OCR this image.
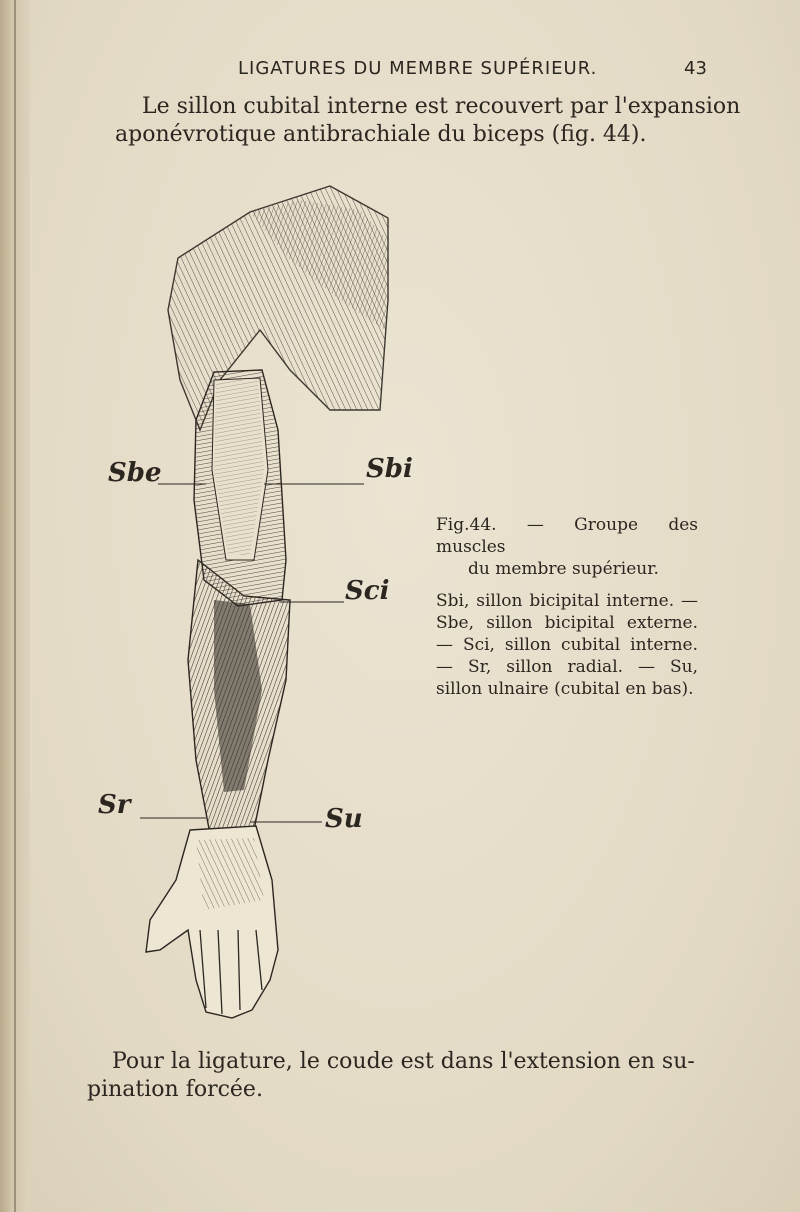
LIGATURES DU MEMBRE SUPÉRIEUR.	43
Le sillon cubital interne est recouvert par l'expansion
aponévrotique antibrachiale du biceps (fig. 44).
Sbe	Sbi
Sci
Sr	Su
Fig.44. — Groupe des muscles
du membre supérieur.
Sbi, sillon bicipital interne. — Sbe, sillon bicipital externe. — Sci, sillon cubital interne. — Sr, sillon radial. — Su, sillon ulnaire (cubital en bas).
Pour la ligature, le coude est dans l'extension en su-
pination forcée.
